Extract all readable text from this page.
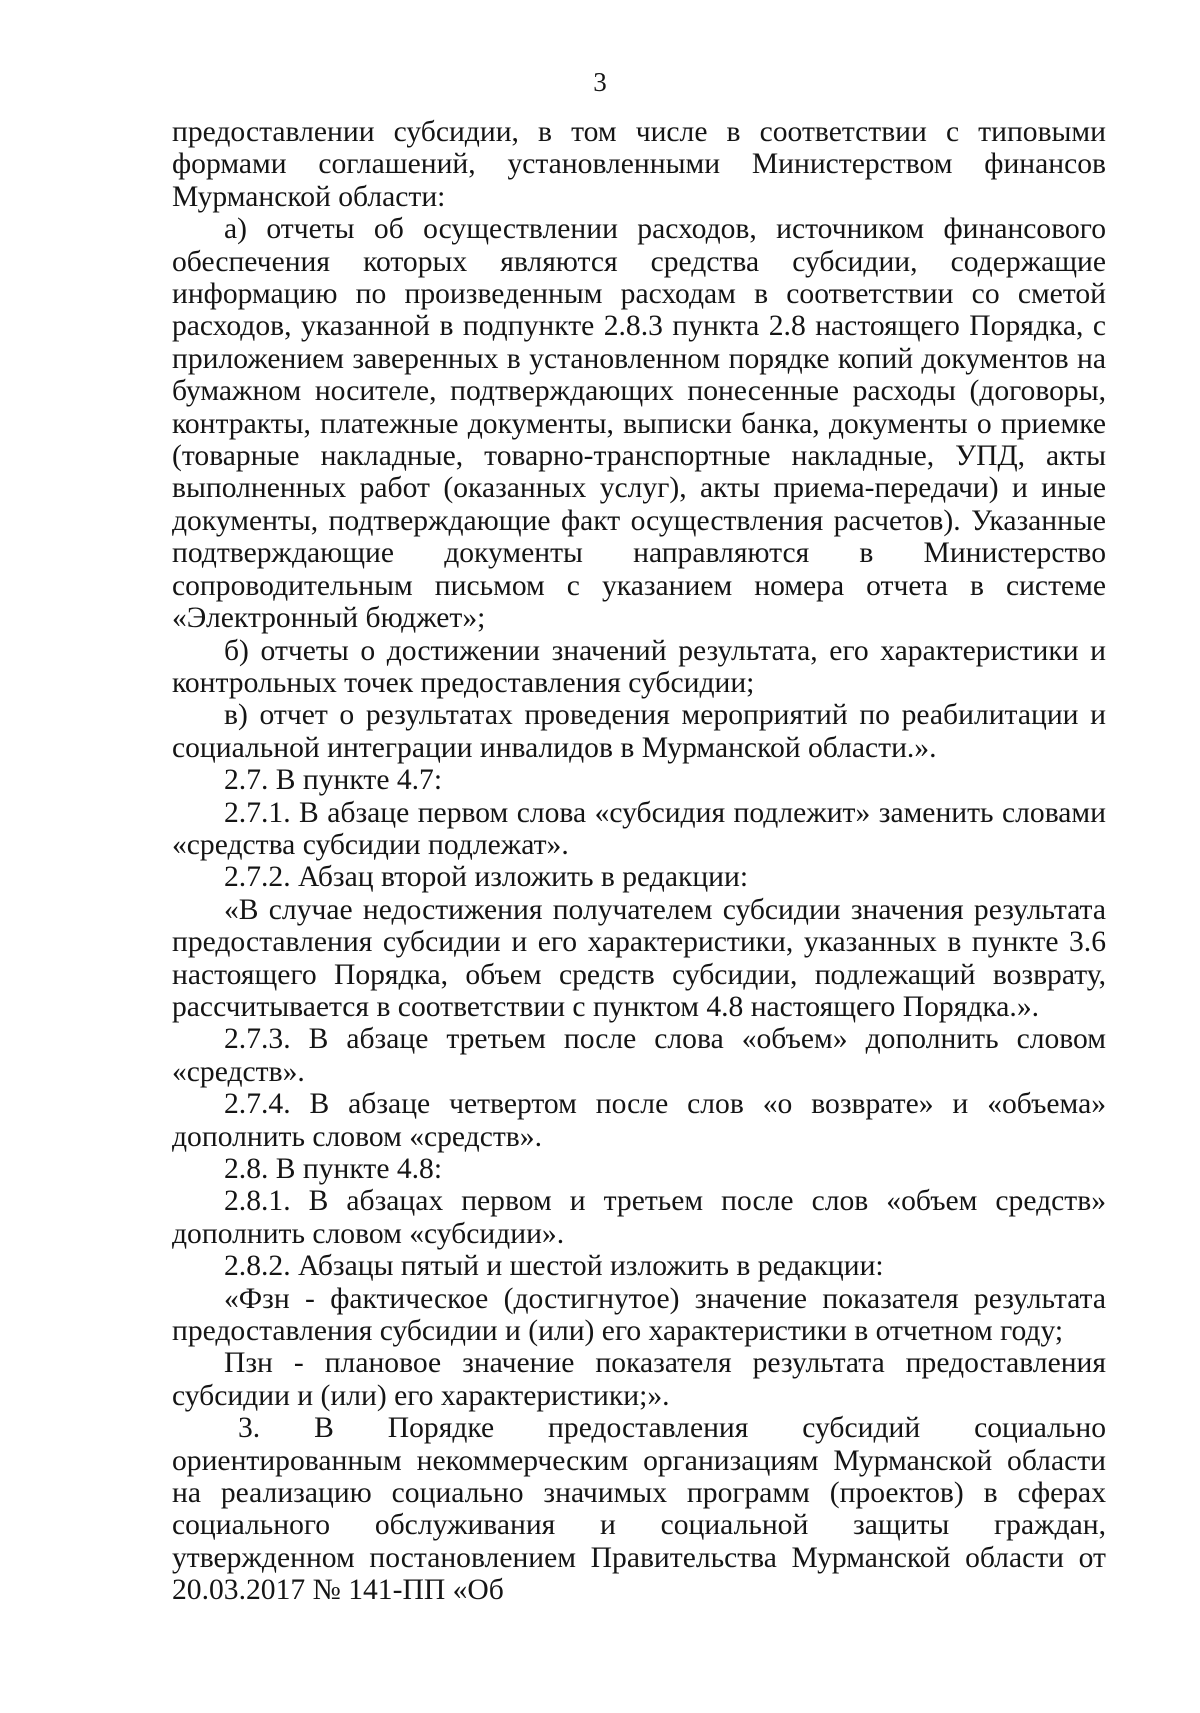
3

предоставлении субсидии, в том числе в соответствии с типовыми формами соглашений, установленными Министерством финансов Мурманской области:

а) отчеты об осуществлении расходов, источником финансового обеспечения которых являются средства субсидии, содержащие информацию по произведенным расходам в соответствии со сметой расходов, указанной в подпункте 2.8.3 пункта 2.8 настоящего Порядка, с приложением заверенных в установленном порядке копий документов на бумажном носителе, подтверждающих понесенные расходы (договоры, контракты, платежные документы, выписки банка, документы о приемке (товарные накладные, товарно-транспортные накладные, УПД, акты выполненных работ (оказанных услуг), акты приема-передачи) и иные документы, подтверждающие факт осуществления расчетов). Указанные подтверждающие документы направляются в Министерство сопроводительным письмом с указанием номера отчета в системе «Электронный бюджет»;

б) отчеты о достижении значений результата, его характеристики и контрольных точек предоставления субсидии;

в) отчет о результатах проведения мероприятий по реабилитации и социальной интеграции инвалидов в Мурманской области.».

2.7. В пункте 4.7:

2.7.1. В абзаце первом слова «субсидия подлежит» заменить словами «средства субсидии подлежат».

2.7.2. Абзац второй изложить в редакции:

«В случае недостижения получателем субсидии значения результата предоставления субсидии и его характеристики, указанных в пункте 3.6 настоящего Порядка, объем средств субсидии, подлежащий возврату, рассчитывается в соответствии с пунктом 4.8 настоящего Порядка.».

2.7.3. В абзаце третьем после слова «объем» дополнить словом «средств».

2.7.4. В абзаце четвертом после слов «о возврате» и «объема» дополнить словом «средств».

2.8. В пункте 4.8:

2.8.1. В абзацах первом и третьем после слов «объем средств» дополнить словом «субсидии».

2.8.2. Абзацы пятый и шестой изложить в редакции:

«Фзн - фактическое (достигнутое) значение показателя результата предоставления субсидии и (или) его характеристики в отчетном году;

Пзн - плановое значение показателя результата предоставления субсидии и (или) его характеристики;».

3. В Порядке предоставления субсидий социально ориентированным некоммерческим организациям Мурманской области на реализацию социально значимых программ (проектов) в сферах социального обслуживания и социальной защиты граждан, утвержденном постановлением Правительства Мурманской области от 20.03.2017 № 141-ПП «Об
